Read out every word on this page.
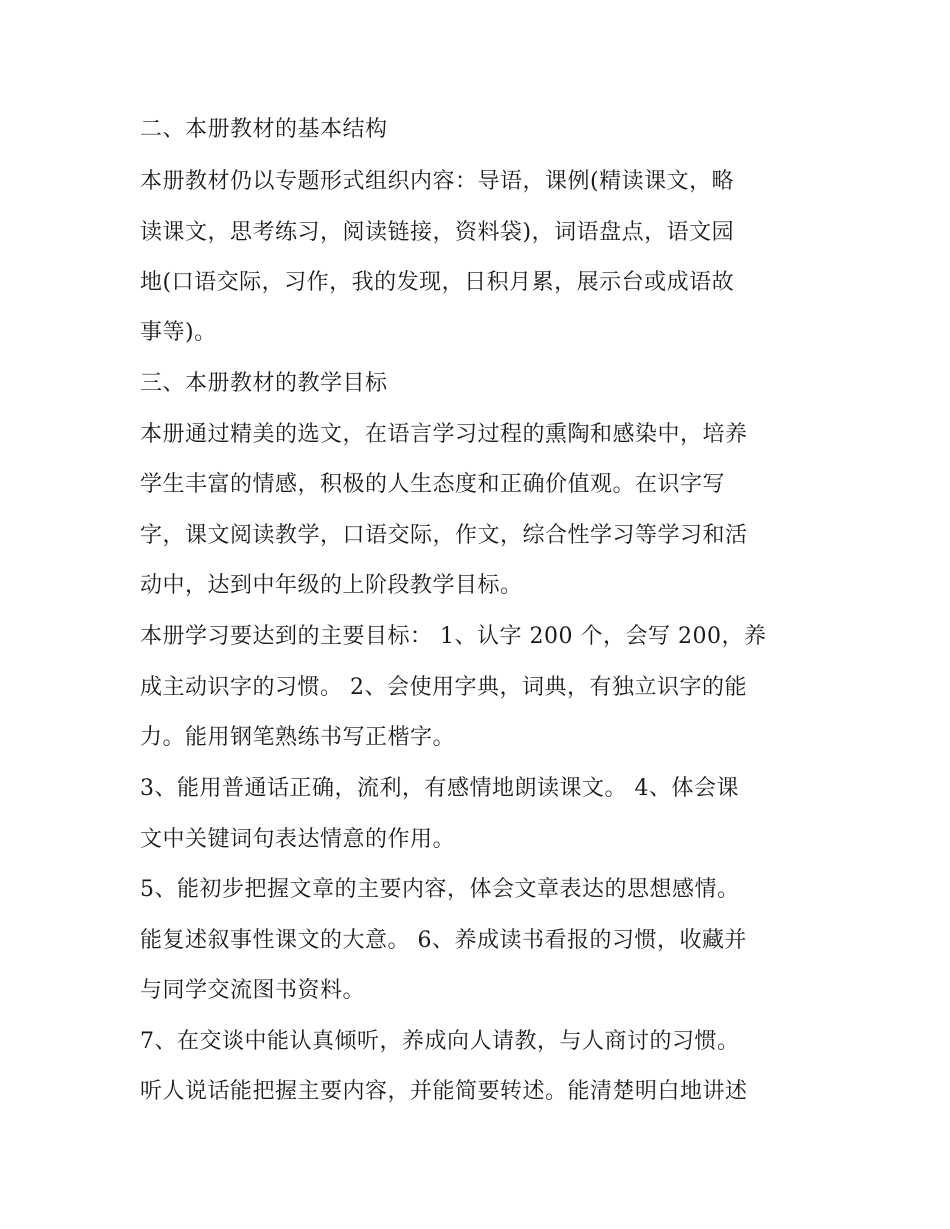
二、本册教材的基本结构
本册教材仍以专题形式组织内容：导语，课例(精读课文，略
读课文，思考练习，阅读链接，资料袋)，词语盘点，语文园
地(口语交际，习作，我的发现，日积月累，展示台或成语故
事等)。
三、本册教材的教学目标
本册通过精美的选文，在语言学习过程的熏陶和感染中，培养
学生丰富的情感，积极的人生态度和正确价值观。在识字写
字，课文阅读教学，口语交际，作文，综合性学习等学习和活
动中，达到中年级的上阶段教学目标。
本册学习要达到的主要目标： 1、认字 200 个，会写 200，养
成主动识字的习惯。 2、会使用字典，词典，有独立识字的能
力。能用钢笔熟练书写正楷字。
3、能用普通话正确，流利，有感情地朗读课文。 4、体会课
文中关键词句表达情意的作用。
5、能初步把握文章的主要内容，体会文章表达的思想感情。
能复述叙事性课文的大意。 6、养成读书看报的习惯，收藏并
与同学交流图书资料。
7、在交谈中能认真倾听，养成向人请教，与人商讨的习惯。
听人说话能把握主要内容，并能简要转述。能清楚明白地讲述
